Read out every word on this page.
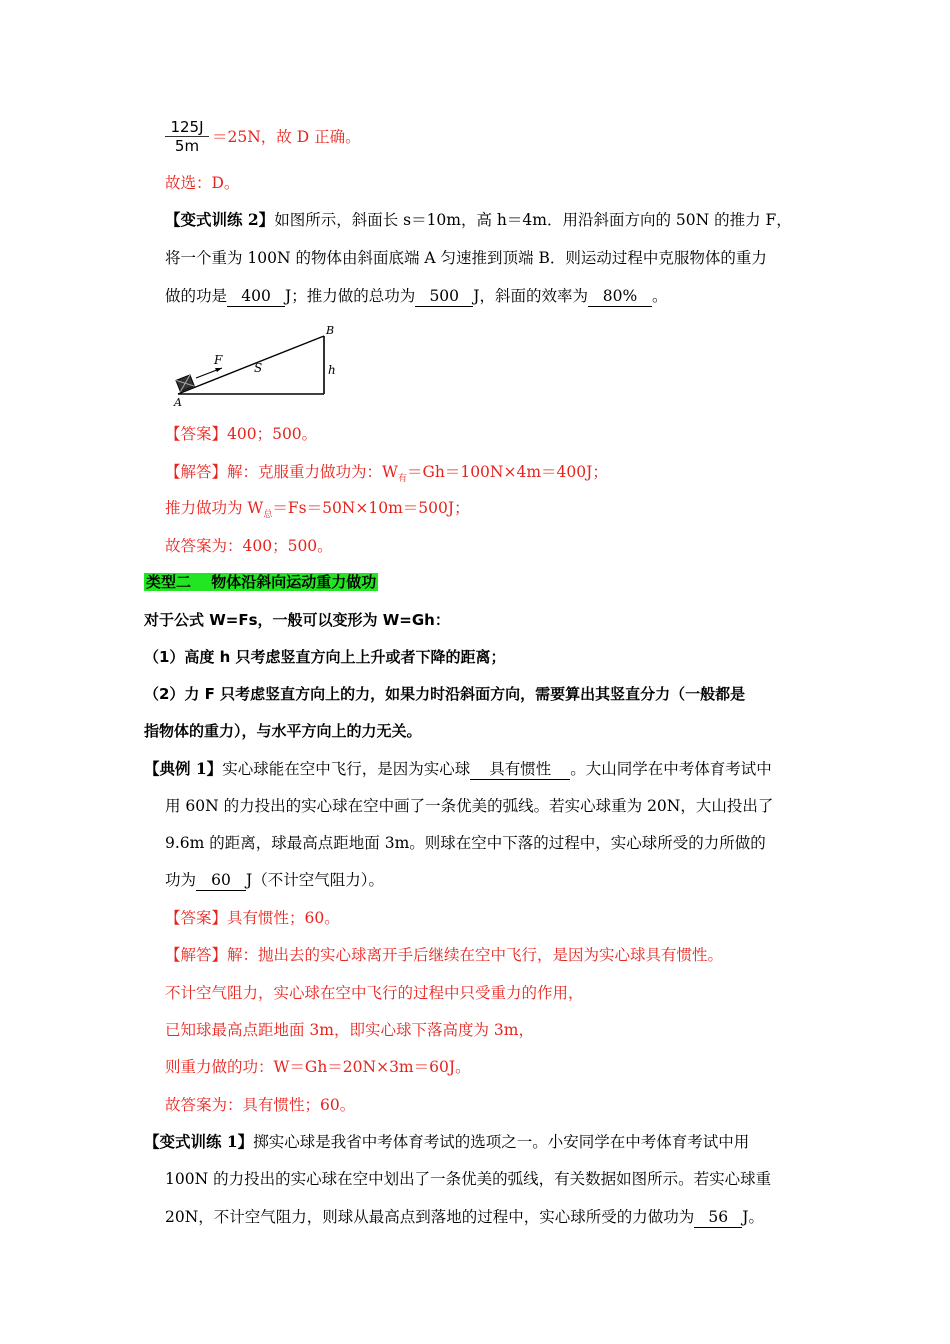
$\frac{125J}{5m} =25N$，故 D 正确。
故选：D。
【变式训练 2】如图所示，斜面长 s＝10m，高 h＝4m．用沿斜面方向的 50N 的推力 F，
将一个重为 100N 的物体由斜面底端 A 匀速推到顶端 B．则运动过程中克服物体的重力
做的功是 400 J；推力做的总功为 500 J，斜面的效率为 80% 。
F
S	h
B
A
【答案】400；500。
【解答】解：克服重力做功为：$W_有=Gh=100N\times 4m=400J$；
推力做功为 $W_总=Fs=50N\times 10m=500J$；
故答案为：400；500。
类型二　 物体沿斜向运动重力做功
对于公式 W=Fs，一般可以变形为 W=Gh：
（1）高度 h 只考虑竖直方向上上升或者下降的距离；
（2）力 F 只考虑竖直方向上的力，如果力时沿斜面方向，需要算出其竖直分力（一般都是
指物体的重力），与水平方向上的力无关。
【典例 1】实心球能在空中飞行，是因为实心球 具有惯性 。大山同学在中考体育考试中
用 60N 的力投出的实心球在空中画了一条优美的弧线。若实心球重为 20N，大山投出了
9.6m 的距离，球最高点距地面 3m。则球在空中下落的过程中，实心球所受的力所做的
功为 60 J（不计空气阻力）。
【答案】具有惯性；60。
【解答】解：抛出去的实心球离开手后继续在空中飞行，是因为实心球具有惯性。
不计空气阻力，实心球在空中飞行的过程中只受重力的作用，
已知球最高点距地面 3m，即实心球下落高度为 3m，
则重力做的功：W＝Gh＝20N×3m＝60J。
故答案为：具有惯性；60。
【变式训练 1】掷实心球是我省中考体育考试的选项之一。小安同学在中考体育考试中用
100N 的力投出的实心球在空中划出了一条优美的弧线，有关数据如图所示。若实心球重
20N，不计空气阻力，则球从最高点到落地的过程中，实心球所受的力做功为 56 J。
